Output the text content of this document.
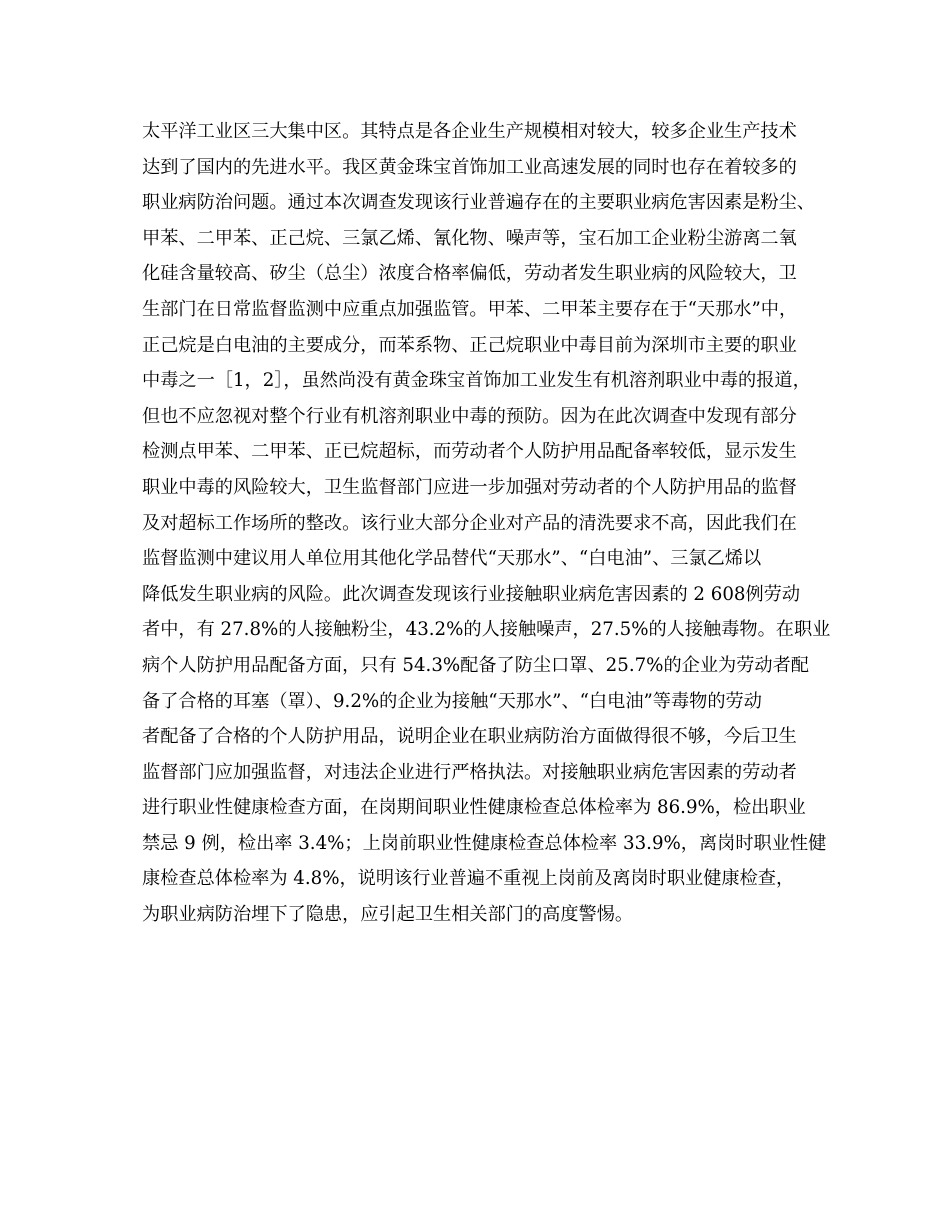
太平洋工业区三大集中区。其特点是各企业生产规模相对较大，较多企业生产技术
达到了国内的先进水平。我区黄金珠宝首饰加工业高速发展的同时也存在着较多的
职业病防治问题。通过本次调查发现该行业普遍存在的主要职业病危害因素是粉尘、
甲苯、二甲苯、正己烷、三氯乙烯、氰化物、噪声等，宝石加工企业粉尘游离二氧
化硅含量较高、矽尘（总尘）浓度合格率偏低，劳动者发生职业病的风险较大，卫
生部门在日常监督监测中应重点加强监管。甲苯、二甲苯主要存在于“天那水”中，
正己烷是白电油的主要成分，而苯系物、正己烷职业中毒目前为深圳市主要的职业
中毒之一［1，2］，虽然尚没有黄金珠宝首饰加工业发生有机溶剂职业中毒的报道，
但也不应忽视对整个行业有机溶剂职业中毒的预防。因为在此次调查中发现有部分
检测点甲苯、二甲苯、正已烷超标，而劳动者个人防护用品配备率较低，显示发生
职业中毒的风险较大，卫生监督部门应进一步加强对劳动者的个人防护用品的监督
及对超标工作场所的整改。该行业大部分企业对产品的清洗要求不高，因此我们在
监督监测中建议用人单位用其他化学品替代“天那水”、“白电油”、三氯乙烯以
降低发生职业病的风险。此次调查发现该行业接触职业病危害因素的 2 608例劳动
者中，有 27.8%的人接触粉尘，43.2%的人接触噪声，27.5%的人接触毒物。在职业
病个人防护用品配备方面，只有 54.3%配备了防尘口罩、25.7%的企业为劳动者配
备了合格的耳塞（罩）、9.2%的企业为接触“天那水”、“白电油”等毒物的劳动
者配备了合格的个人防护用品，说明企业在职业病防治方面做得很不够，今后卫生
监督部门应加强监督，对违法企业进行严格执法。对接触职业病危害因素的劳动者
进行职业性健康检查方面，在岗期间职业性健康检查总体检率为 86.9%，检出职业
禁忌 9 例，检出率 3.4%；上岗前职业性健康检查总体检率 33.9%，离岗时职业性健
康检查总体检率为 4.8%，说明该行业普遍不重视上岗前及离岗时职业健康检查，
为职业病防治埋下了隐患，应引起卫生相关部门的高度警惕。
